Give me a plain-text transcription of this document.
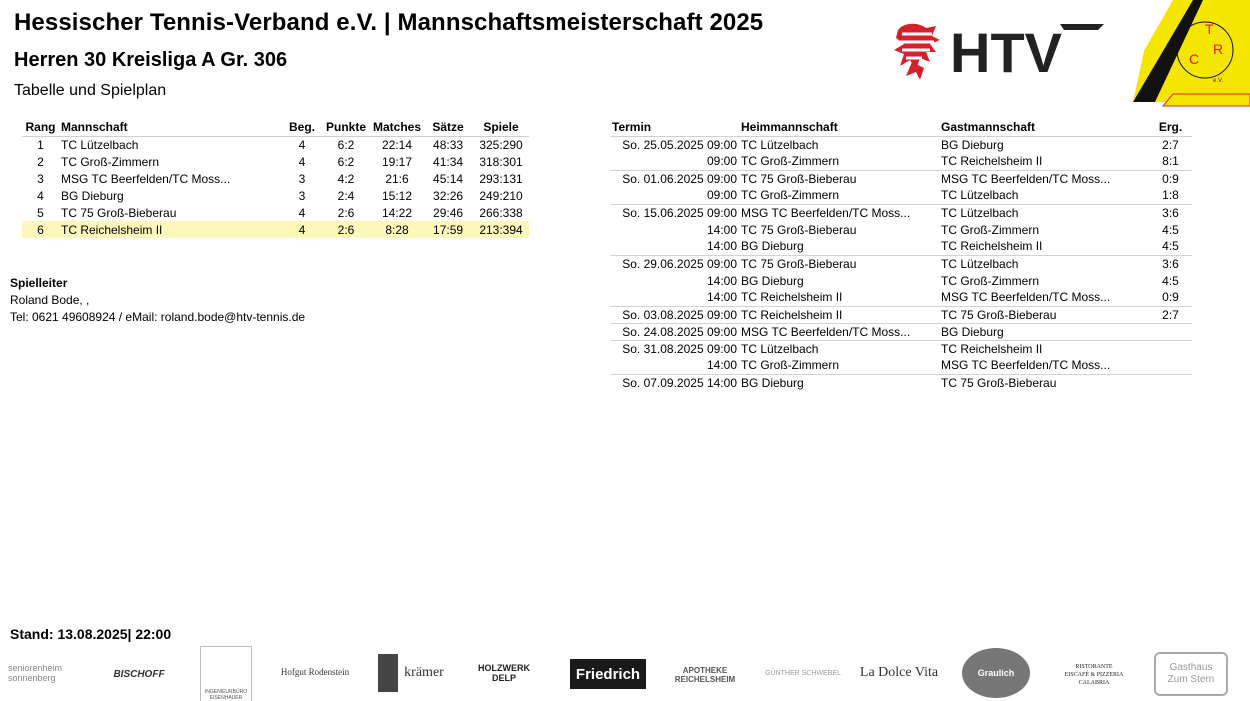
Hessischer Tennis-Verband e.V. | Mannschaftsmeisterschaft 2025
Herren 30 Kreisliga A Gr. 306
Tabelle und Spielplan
HTV	T
C
R
e.V.
Rang	Mannschaft	Beg.	Punkte	Matches	Sätze	Spiele
1	TC Lützelbach	4	6:2	22:14	48:33	325:290
2	TC Groß-Zimmern	4	6:2	19:17	41:34	318:301
3	MSG TC Beerfelden/TC Moss...	3	4:2	21:6	45:14	293:131
4	BG Dieburg	3	2:4	15:12	32:26	249:210
5	TC 75 Groß-Bieberau	4	2:6	14:22	29:46	266:338
6	TC Reichelsheim II	4	2:6	8:28	17:59	213:394
Termin	Heimmannschaft	Gastmannschaft	Erg.
So. 25.05.2025 09:00	TC Lützelbach	BG Dieburg	2:7
09:00	TC Groß-Zimmern	TC Reichelsheim II	8:1
So. 01.06.2025 09:00	TC 75 Groß-Bieberau	MSG TC Beerfelden/TC Moss...	0:9
09:00	TC Groß-Zimmern	TC Lützelbach	1:8
So. 15.06.2025 09:00	MSG TC Beerfelden/TC Moss...	TC Lützelbach	3:6
14:00	TC 75 Groß-Bieberau	TC Groß-Zimmern	4:5
14:00	BG Dieburg	TC Reichelsheim II	4:5
So. 29.06.2025 09:00	TC 75 Groß-Bieberau	TC Lützelbach	3:6
14:00	BG Dieburg	TC Groß-Zimmern	4:5
14:00	TC Reichelsheim II	MSG TC Beerfelden/TC Moss...	0:9
So. 03.08.2025 09:00	TC Reichelsheim II	TC 75 Groß-Bieberau	2:7
So. 24.08.2025 09:00	MSG TC Beerfelden/TC Moss...	BG Dieburg	
So. 31.08.2025 09:00	TC Lützelbach	TC Reichelsheim II	
14:00	TC Groß-Zimmern	MSG TC Beerfelden/TC Moss...	
So. 07.09.2025 14:00	BG Dieburg	TC 75 Groß-Bieberau	
Spielleiter
Roland Bode, ,
Tel: 0621 49608924 / eMail: roland.bode@htv-tennis.de
Stand: 13.08.2025| 22:00
seniorenheim
sonnenberg	BISCHOFF
INGENIEURBÜRO
EISENHAUER
Hofgut Rodenstein	krämer	HOLZWERK
DELP	Friedrich	APOTHEKE
REICHELSHEIM
GÜNTHER SCHWEBEL La Dolce Vita	Graulich
RISTORANTE
EISCAFÉ & PIZZERIA
CALABRIA
Gasthaus
Zum Stern
